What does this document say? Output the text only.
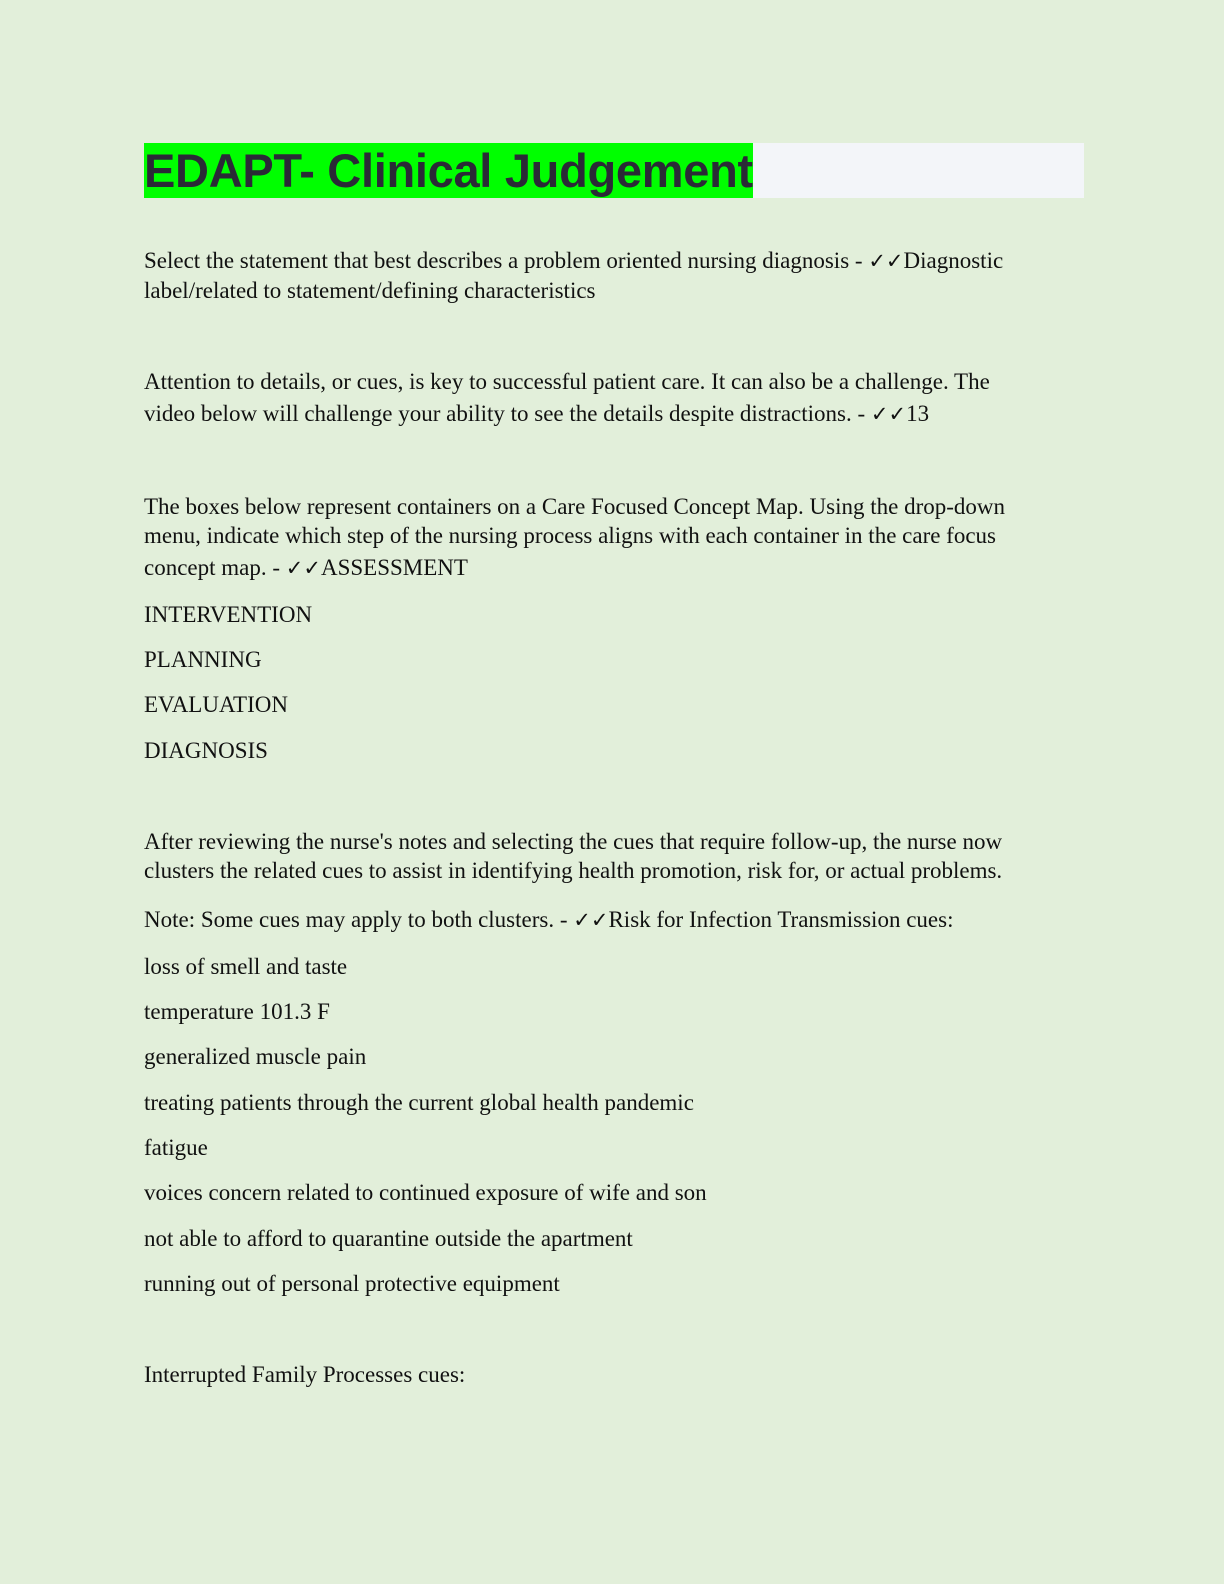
EDAPT- Clinical Judgement
Select the statement that best describes a problem oriented nursing diagnosis - ✓✓Diagnostic
label/related to statement/defining characteristics
Attention to details, or cues, is key to successful patient care. It can also be a challenge. The
video below will challenge your ability to see the details despite distractions. - ✓✓13
The boxes below represent containers on a Care Focused Concept Map. Using the drop-down
menu, indicate which step of the nursing process aligns with each container in the care focus
concept map. - ✓✓ASSESSMENT
INTERVENTION
PLANNING
EVALUATION
DIAGNOSIS
After reviewing the nurse's notes and selecting the cues that require follow-up, the nurse now
clusters the related cues to assist in identifying health promotion, risk for, or actual problems.
Note: Some cues may apply to both clusters. - ✓✓Risk for Infection Transmission cues:
loss of smell and taste
temperature 101.3 F
generalized muscle pain
treating patients through the current global health pandemic
fatigue
voices concern related to continued exposure of wife and son
not able to afford to quarantine outside the apartment
running out of personal protective equipment
Interrupted Family Processes cues:
